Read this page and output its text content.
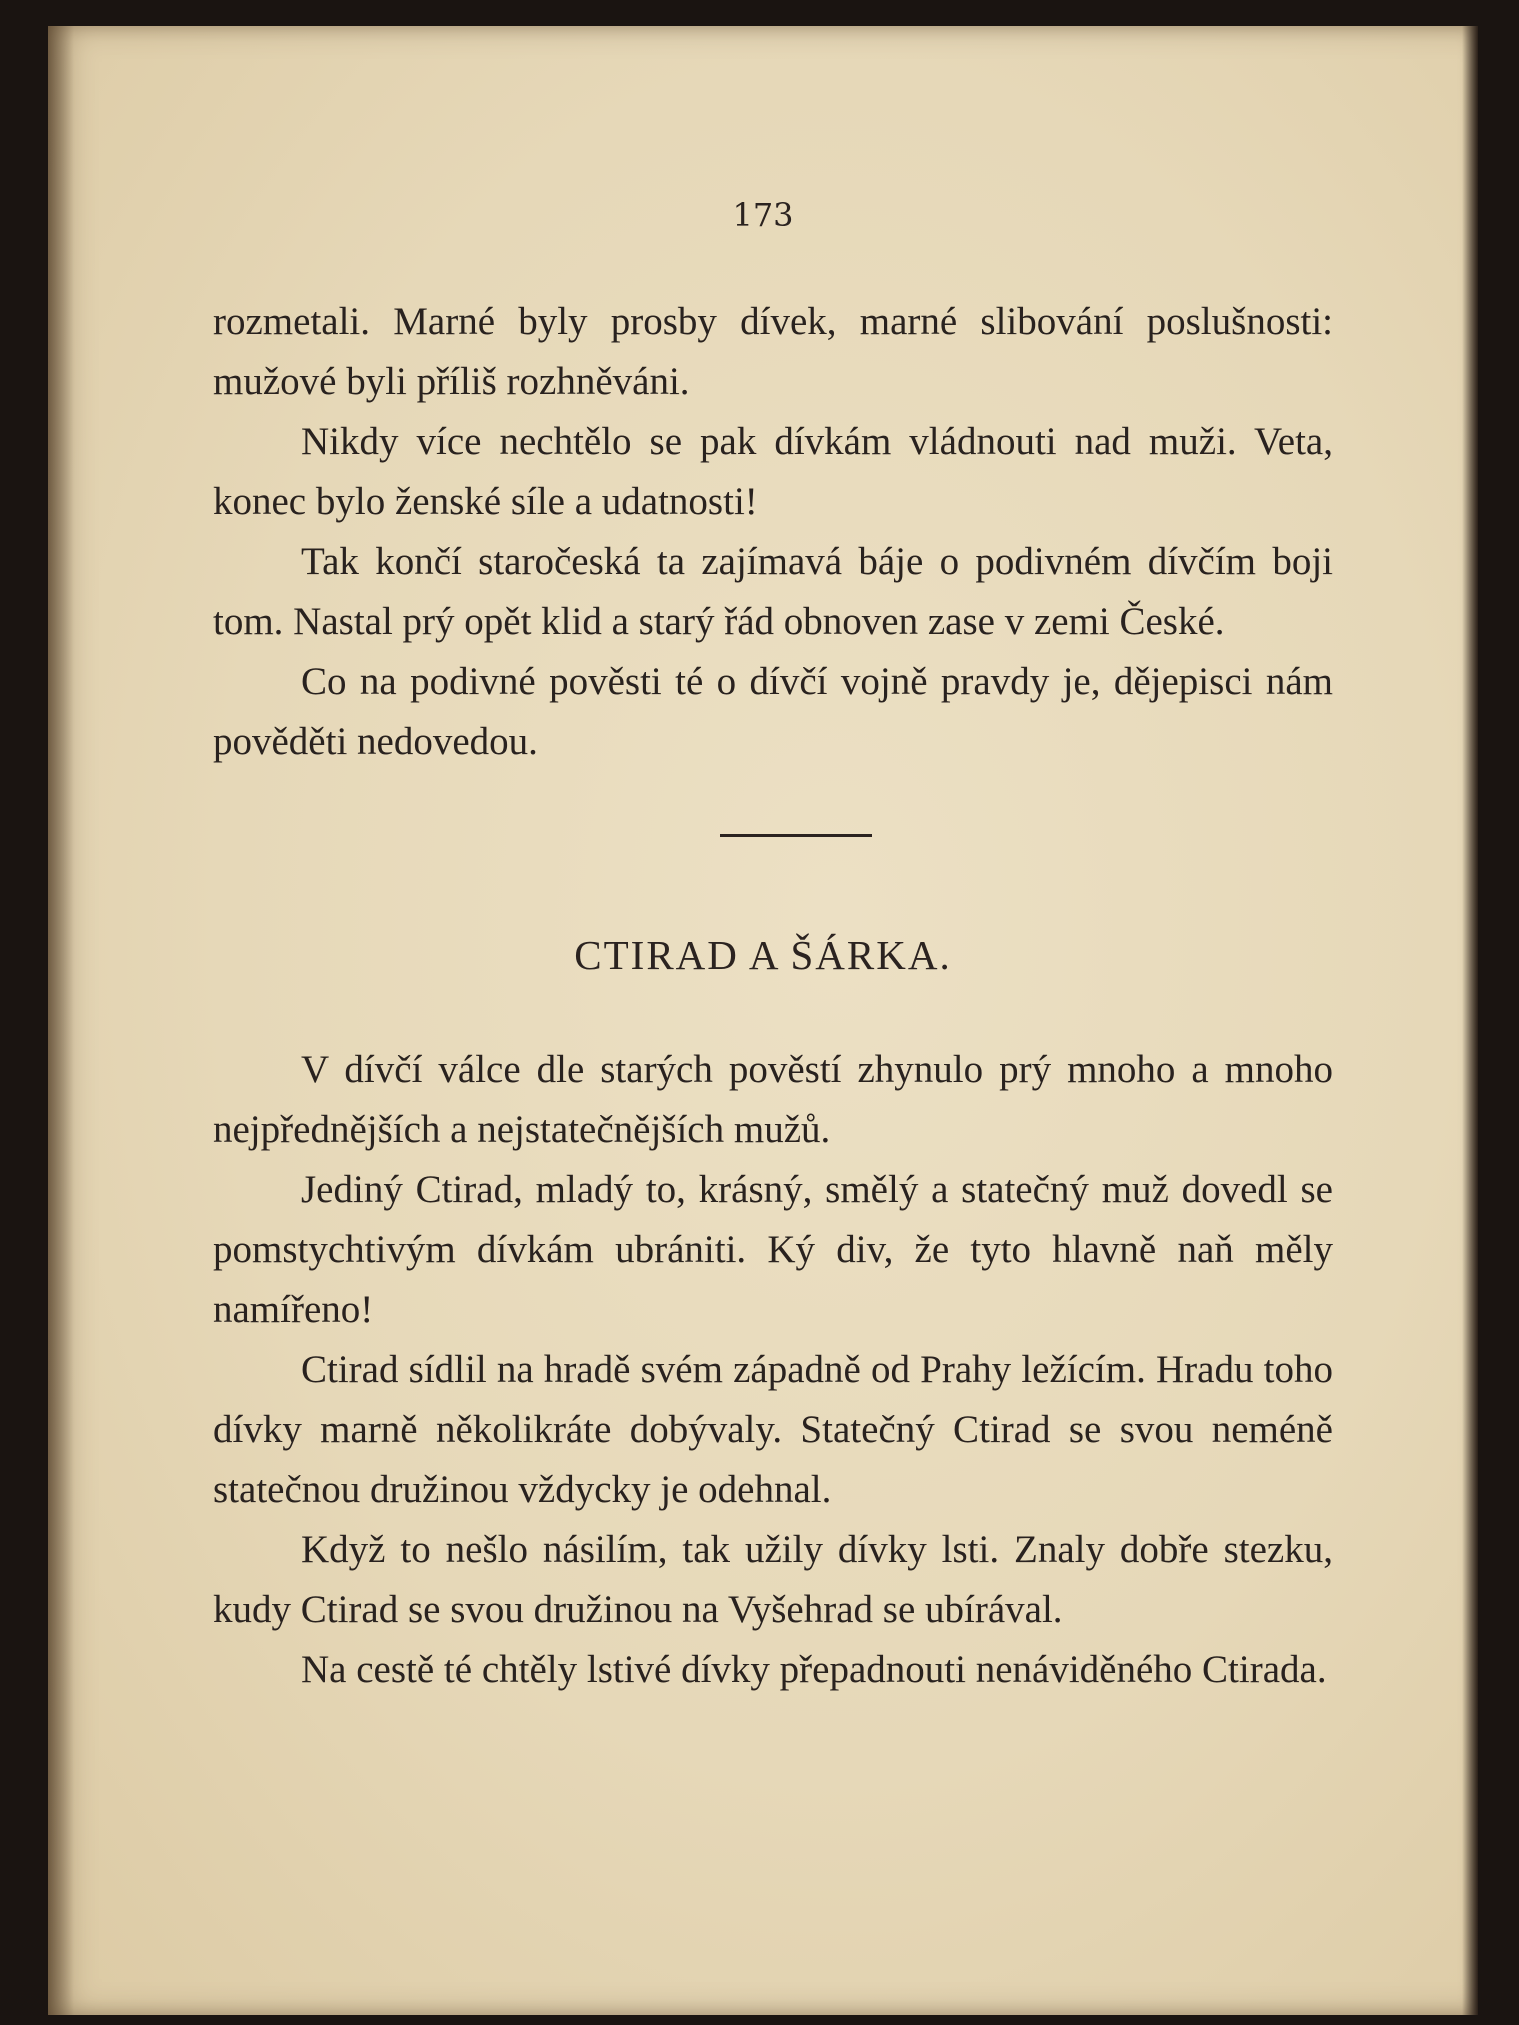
173

rozmetali. Marné byly prosby dívek, marné slibování poslušnosti: mužové byli příliš rozhněváni.

Nikdy více nechtělo se pak dívkám vládnouti nad muži. Veta, konec bylo ženské síle a udatnosti!

Tak končí staročeská ta zajímavá báje o podivném dívčím boji tom. Nastal prý opět klid a starý řád obnoven zase v zemi České.

Co na podivné pověsti té o dívčí vojně pravdy je, dějepisci nám pověděti nedovedou.

CTIRAD A ŠÁRKA.

V dívčí válce dle starých pověstí zhynulo prý mnoho a mnoho nejpřednějších a nejstatečnějších mužů.

Jediný Ctirad, mladý to, krásný, smělý a statečný muž dovedl se pomstychtivým dívkám ubrániti. Ký div, že tyto hlavně naň měly namířeno!

Ctirad sídlil na hradě svém západně od Prahy ležícím. Hradu toho dívky marně několikráte dobývaly. Statečný Ctirad se svou neméně statečnou družinou vždycky je odehnal.

Když to nešlo násilím, tak užily dívky lsti. Znaly dobře stezku, kudy Ctirad se svou družinou na Vyšehrad se ubírával.

Na cestě té chtěly lstivé dívky přepadnouti nenáviděného Ctirada.
